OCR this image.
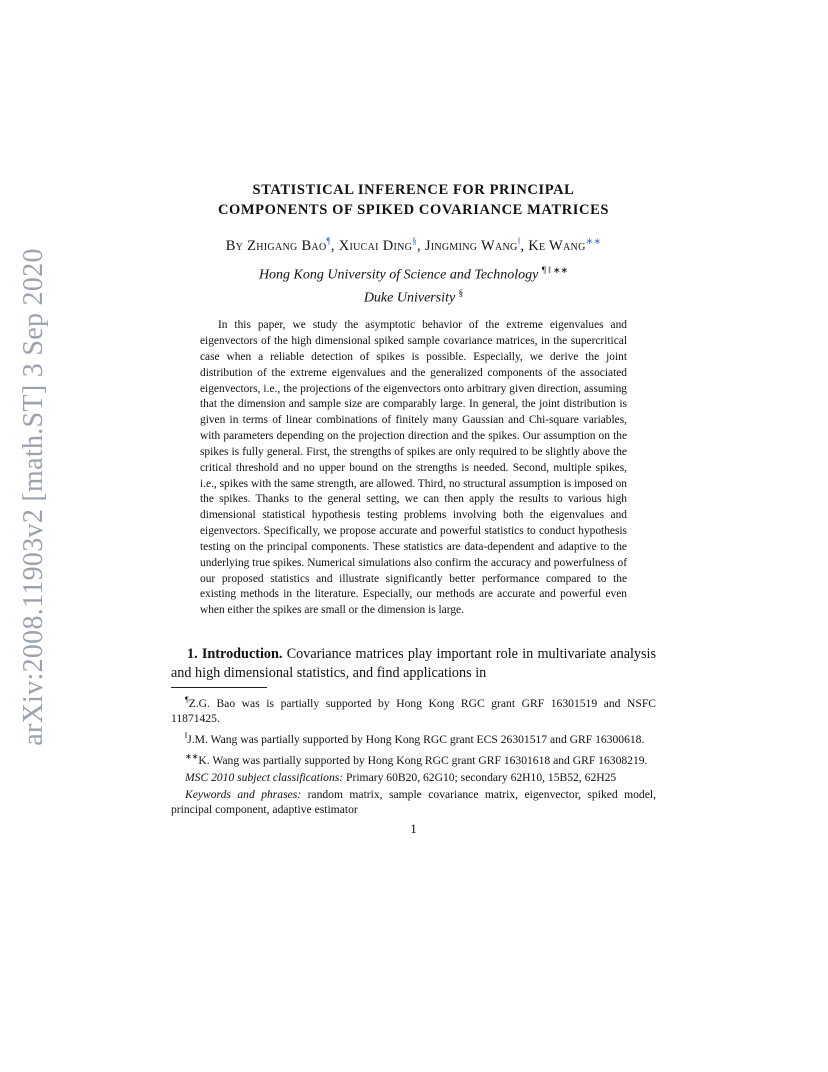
arXiv:2008.11903v2 [math.ST] 3 Sep 2020
STATISTICAL INFERENCE FOR PRINCIPAL
COMPONENTS OF SPIKED COVARIANCE MATRICES
By Zhigang Bao¶, Xiucai Ding§, Jingming Wang‖, Ke Wang∗∗
Hong Kong University of Science and Technology ¶ ‖ ∗∗
Duke University §
In this paper, we study the asymptotic behavior of the extreme eigenvalues and eigenvectors of the high dimensional spiked sample covariance matrices, in the supercritical case when a reliable detection of spikes is possible. Especially, we derive the joint distribution of the extreme eigenvalues and the generalized components of the associated eigenvectors, i.e., the projections of the eigenvectors onto arbitrary given direction, assuming that the dimension and sample size are comparably large. In general, the joint distribution is given in terms of linear combinations of finitely many Gaussian and Chi-square variables, with parameters depending on the projection direction and the spikes. Our assumption on the spikes is fully general. First, the strengths of spikes are only required to be slightly above the critical threshold and no upper bound on the strengths is needed. Second, multiple spikes, i.e., spikes with the same strength, are allowed. Third, no structural assumption is imposed on the spikes. Thanks to the general setting, we can then apply the results to various high dimensional statistical hypothesis testing problems involving both the eigenvalues and eigenvectors. Specifically, we propose accurate and powerful statistics to conduct hypothesis testing on the principal components. These statistics are data-dependent and adaptive to the underlying true spikes. Numerical simulations also confirm the accuracy and powerfulness of our proposed statistics and illustrate significantly better performance compared to the existing methods in the literature. Especially, our methods are accurate and powerful even when either the spikes are small or the dimension is large.
1. Introduction. Covariance matrices play important role in multivariate analysis and high dimensional statistics, and find applications in

¶Z.G. Bao was is partially supported by Hong Kong RGC grant GRF 16301519 and NSFC 11871425.

‖J.M. Wang was partially supported by Hong Kong RGC grant ECS 26301517 and GRF 16300618.

∗∗K. Wang was partially supported by Hong Kong RGC grant GRF 16301618 and GRF 16308219.

MSC 2010 subject classifications: Primary 60B20, 62G10; secondary 62H10, 15B52, 62H25

Keywords and phrases: random matrix, sample covariance matrix, eigenvector, spiked model, principal component, adaptive estimator

1
